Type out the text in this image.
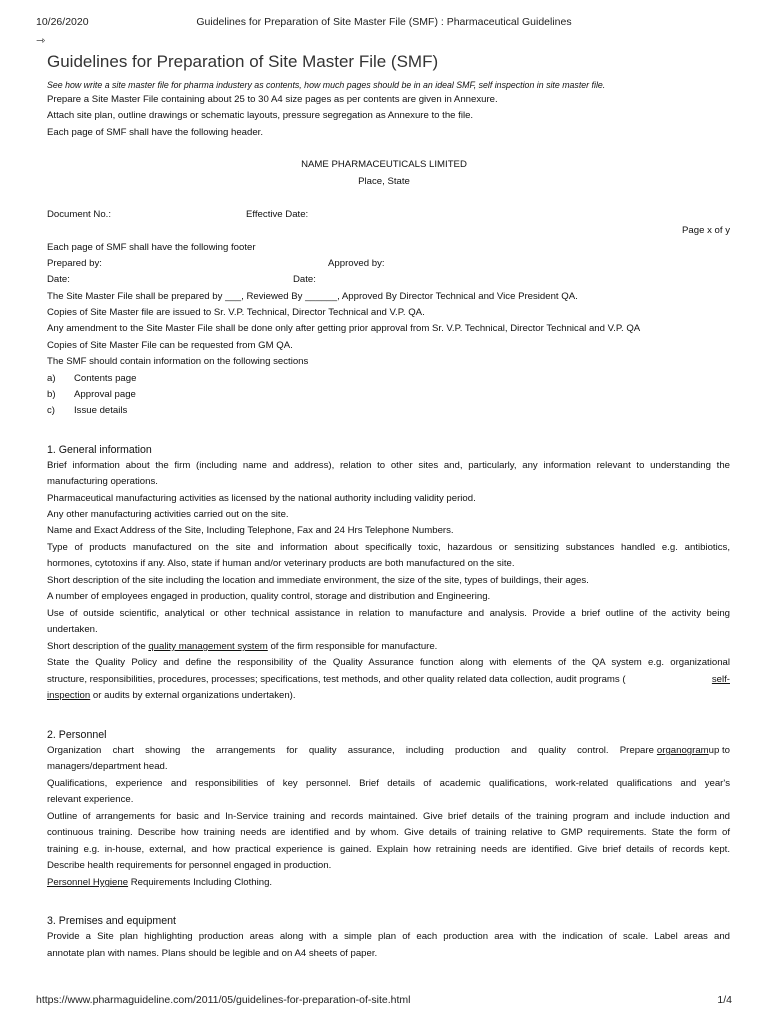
10/26/2020	Guidelines for Preparation of Site Master File (SMF) : Pharmaceutical Guidelines
⇾
Guidelines for Preparation of Site Master File (SMF)
See how write a site master file for pharma industery as contents, how much pages should be in an ideal SMF, self inspection in site master file.
Prepare a Site Master File containing about 25 to 30 A4 size pages as per contents are given in Annexure.
Attach site plan, outline drawings or schematic layouts, pressure segregation as Annexure to the file.
Each page of SMF shall have the following header.
NAME PHARMACEUTICALS LIMITED
Place, State
Document No.:	Effective Date:
Page x of y
Each page of SMF shall have the following footer
Prepared by:	Approved by:
Date:	Date:
The Site Master File shall be prepared by ___, Reviewed By ______, Approved By Director Technical and Vice President QA.
Copies of Site Master file are issued to Sr. V.P. Technical, Director Technical and V.P. QA.
Any amendment to the Site Master File shall be done only after getting prior approval from Sr. V.P. Technical, Director Technical and V.P. QA
Copies of Site Master File can be requested from GM QA.
The SMF should contain information on the following sections
a) Contents page
b) Approval page
c) Issue details
1. General information
Brief information about the firm (including name and address), relation to other sites and, particularly, any information relevant to understanding the
manufacturing operations.
Pharmaceutical manufacturing activities as licensed by the national authority including validity period.
Any other manufacturing activities carried out on the site.
Name and Exact Address of the Site, Including Telephone, Fax and 24 Hrs Telephone Numbers.
Type of products manufactured on the site and information about specifically toxic, hazardous or sensitizing substances handled e.g. antibiotics,
hormones, cytotoxins if any. Also, state if human and/or veterinary products are both manufactured on the site.
Short description of the site including the location and immediate environment, the size of the site, types of buildings, their ages.
A number of employees engaged in production, quality control, storage and distribution and Engineering.
Use of outside scientific, analytical or other technical assistance in relation to manufacture and analysis. Provide a brief outline of the activity being
undertaken.
Short description of the quality management system of the firm responsible for manufacture.
State the Quality Policy and define the responsibility of the Quality Assurance function along with elements of the QA system e.g. organizational
structure, responsibilities, procedures, processes; specifications, test methods, and other quality related data collection, audit programs (	self-
inspection or audits by external organizations undertaken).
2. Personnel
Organization chart showing the arrangements for quality assurance, including production and quality control. Prepare organogram up to
managers/department head.
Qualifications, experience and responsibilities of key personnel. Brief details of academic qualifications, work-related qualifications and year's
relevant experience.
Outline of arrangements for basic and In-Service training and records maintained. Give brief details of the training program and include induction and
continuous training. Describe how training needs are identified and by whom. Give details of training relative to GMP requirements. State the form of
training e.g. in-house, external, and how practical experience is gained. Explain how retraining needs are identified. Give brief details of records kept.
Describe health requirements for personnel engaged in production.
Personnel Hygiene Requirements Including Clothing.
3. Premises and equipment
Provide a Site plan highlighting production areas along with a simple plan of each production area with the indication of scale. Label areas and
annotate plan with names. Plans should be legible and on A4 sheets of paper.
https://www.pharmaguideline.com/2011/05/guidelines-for-preparation-of-site.html	1/4
